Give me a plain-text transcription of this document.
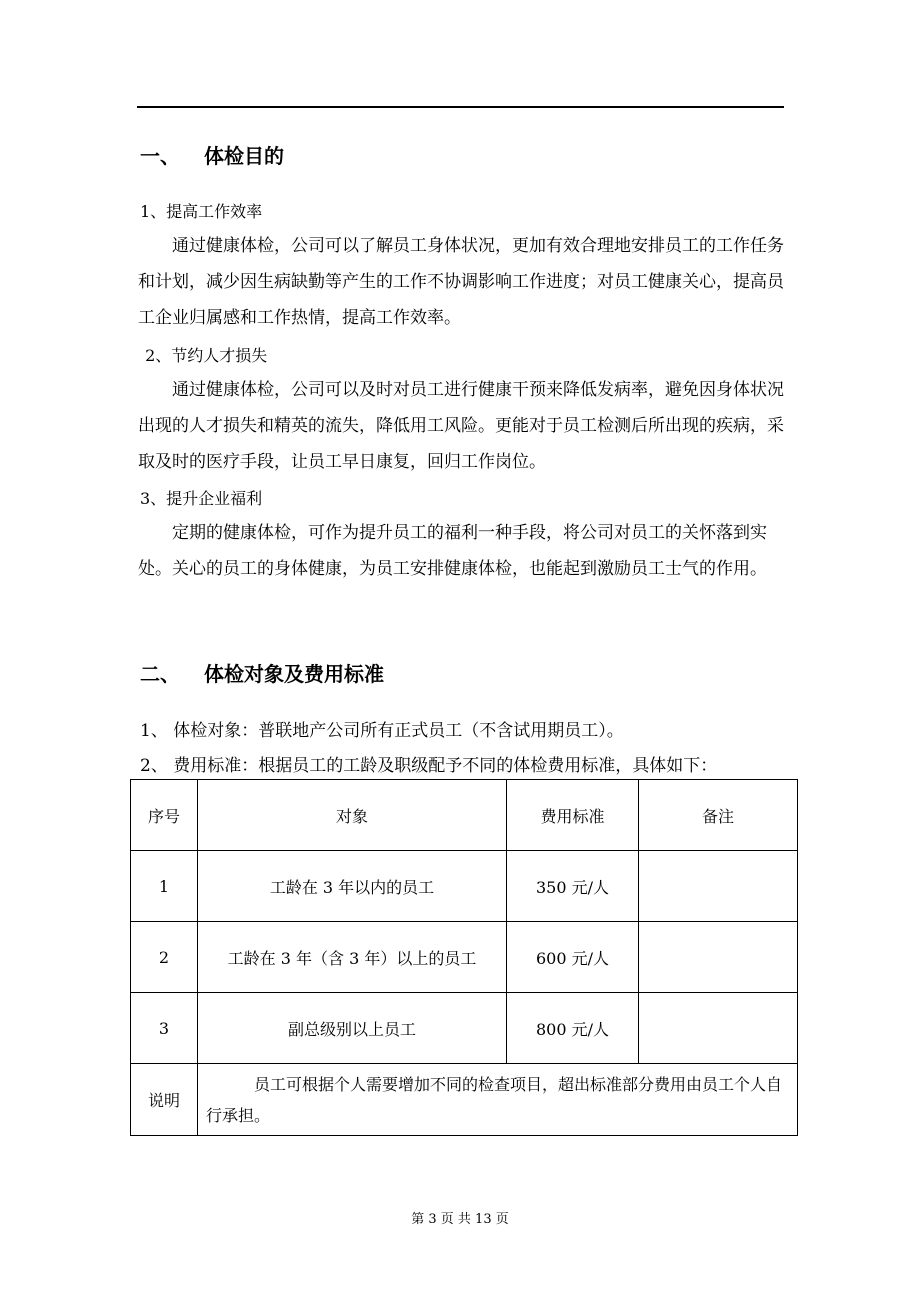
一、 体检目的
1、提高工作效率
通过健康体检，公司可以了解员工身体状况，更加有效合理地安排员工的工作任务和计划，减少因生病缺勤等产生的工作不协调影响工作进度；对员工健康关心，提高员工企业归属感和工作热情，提高工作效率。
2、节约人才损失
通过健康体检，公司可以及时对员工进行健康干预来降低发病率，避免因身体状况出现的人才损失和精英的流失，降低用工风险。更能对于员工检测后所出现的疾病，采取及时的医疗手段，让员工早日康复，回归工作岗位。
3、提升企业福利
定期的健康体检，可作为提升员工的福利一种手段，将公司对员工的关怀落到实处。关心的员工的身体健康，为员工安排健康体检，也能起到激励员工士气的作用。
二、 体检对象及费用标准
1、 体检对象：普联地产公司所有正式员工（不含试用期员工）。
2、 费用标准：根据员工的工龄及职级配予不同的体检费用标准，具体如下：
序号	对象	费用标准	备注
1	工龄在 3 年以内的员工	350 元/人	
2	工龄在 3 年（含 3 年）以上的员工	600 元/人	
3	副总级别以上员工	800 元/人	
说明	员工可根据个人需要增加不同的检查项目，超出标准部分费用由员工个人自行承担。		
第 3 页 共 13 页
